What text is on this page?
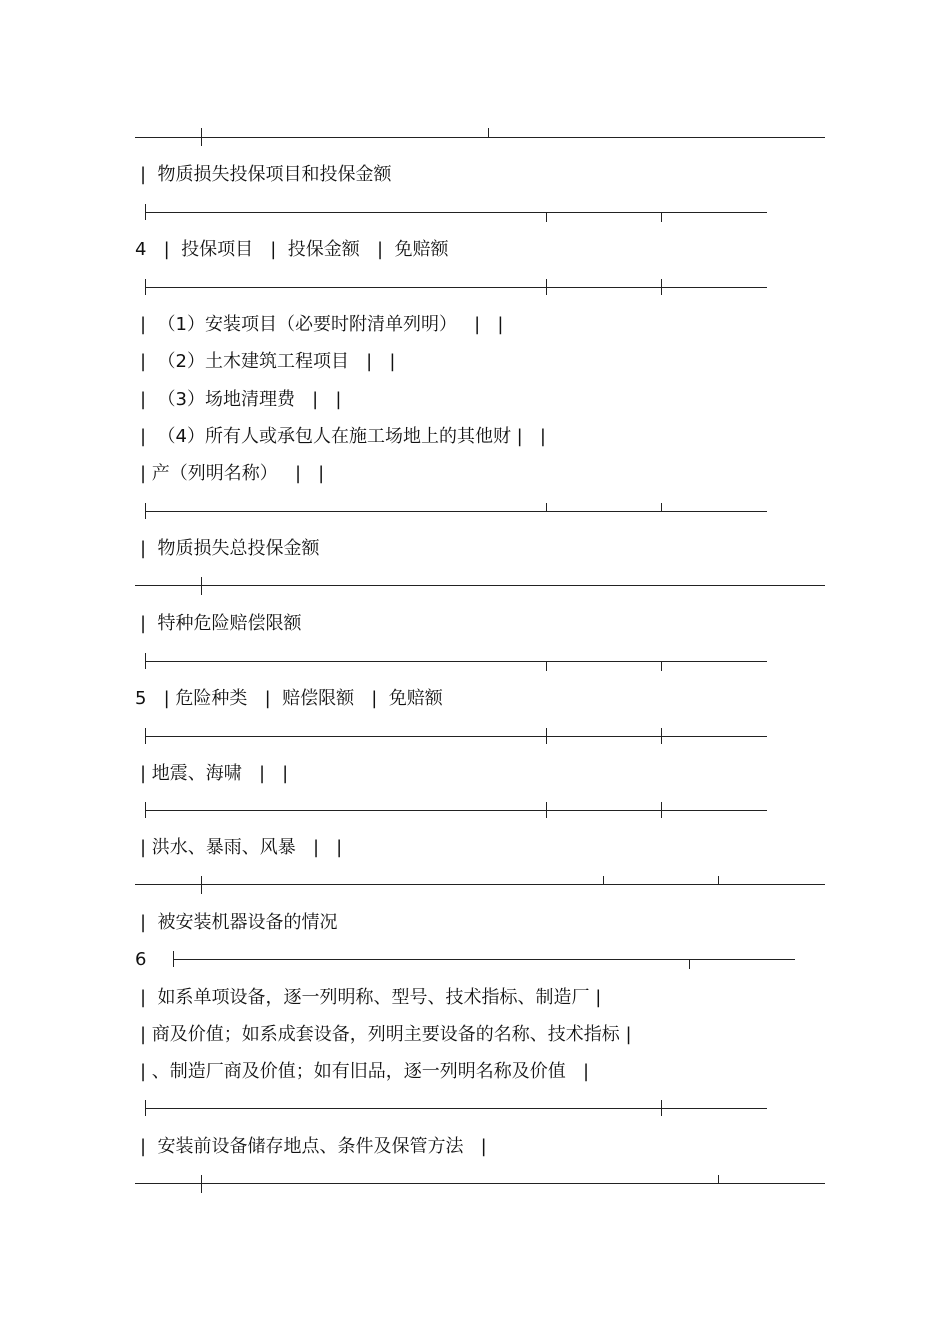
|  物质损失投保项目和投保金额
4   |  投保项目   |  投保金额   |  免赔额
|  （1）安装项目（必要时附清单列明）   |   |
|  （2）土木建筑工程项目   |   |
|  （3）场地清理费   |   |
|  （4）所有人或承包人在施工场地上的其他财 |   |
| 产（列明名称）   |   |
|  物质损失总投保金额
|  特种危险赔偿限额
5   | 危险种类   |  赔偿限额   |  免赔额
| 地震、海啸   |   |
| 洪水、暴雨、风暴   |   |
|  被安装机器设备的情况
6
|  如系单项设备，逐一列明称、型号、技术指标、制造厂 |
| 商及价值；如系成套设备，列明主要设备的名称、技术指标 |
| 、制造厂商及价值；如有旧品，逐一列明名称及价值   |
|  安装前设备储存地点、条件及保管方法   |
